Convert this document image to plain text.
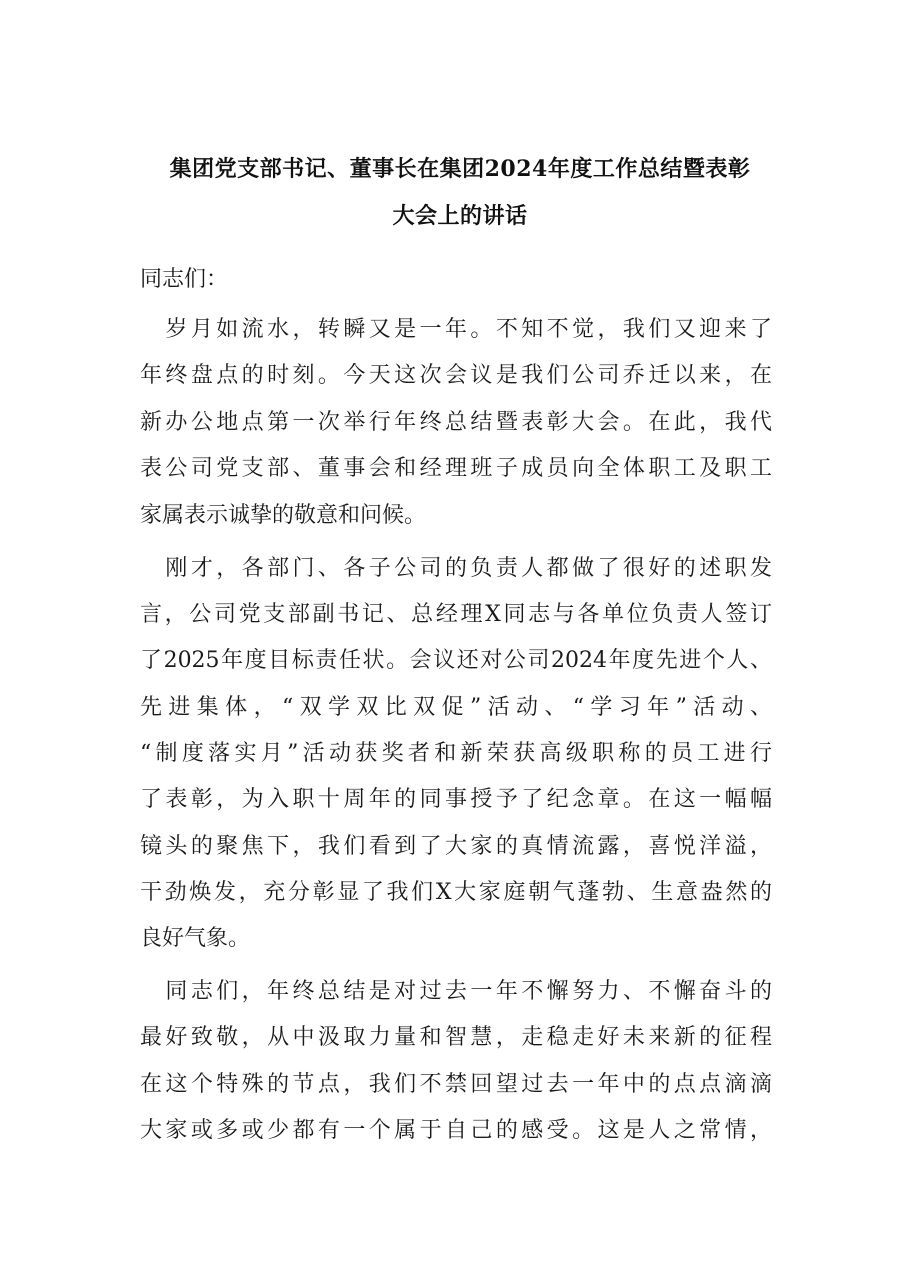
集团党支部书记、董事长在集团2024年度工作总结暨表彰
大会上的讲话
同志们：
　岁月如流水，转瞬又是一年。不知不觉，我们又迎来了
年终盘点的时刻。今天这次会议是我们公司乔迁以来，在
新办公地点第一次举行年终总结暨表彰大会。在此，我代
表公司党支部、董事会和经理班子成员向全体职工及职工
家属表示诚挚的敬意和问候。
　刚才，各部门、各子公司的负责人都做了很好的述职发
言，公司党支部副书记、总经理X同志与各单位负责人签订
了2025年度目标责任状。会议还对公司2024年度先进个人、
先进集体，“双学双比双促”活动、“学习年”活动、
“制度落实月”活动获奖者和新荣获高级职称的员工进行
了表彰，为入职十周年的同事授予了纪念章。在这一幅幅
镜头的聚焦下，我们看到了大家的真情流露，喜悦洋溢，
干劲焕发，充分彰显了我们X大家庭朝气蓬勃、生意盎然的
良好气象。
　同志们，年终总结是对过去一年不懈努力、不懈奋斗的
最好致敬，从中汲取力量和智慧，走稳走好未来新的征程
在这个特殊的节点，我们不禁回望过去一年中的点点滴滴
大家或多或少都有一个属于自己的感受。这是人之常情，
